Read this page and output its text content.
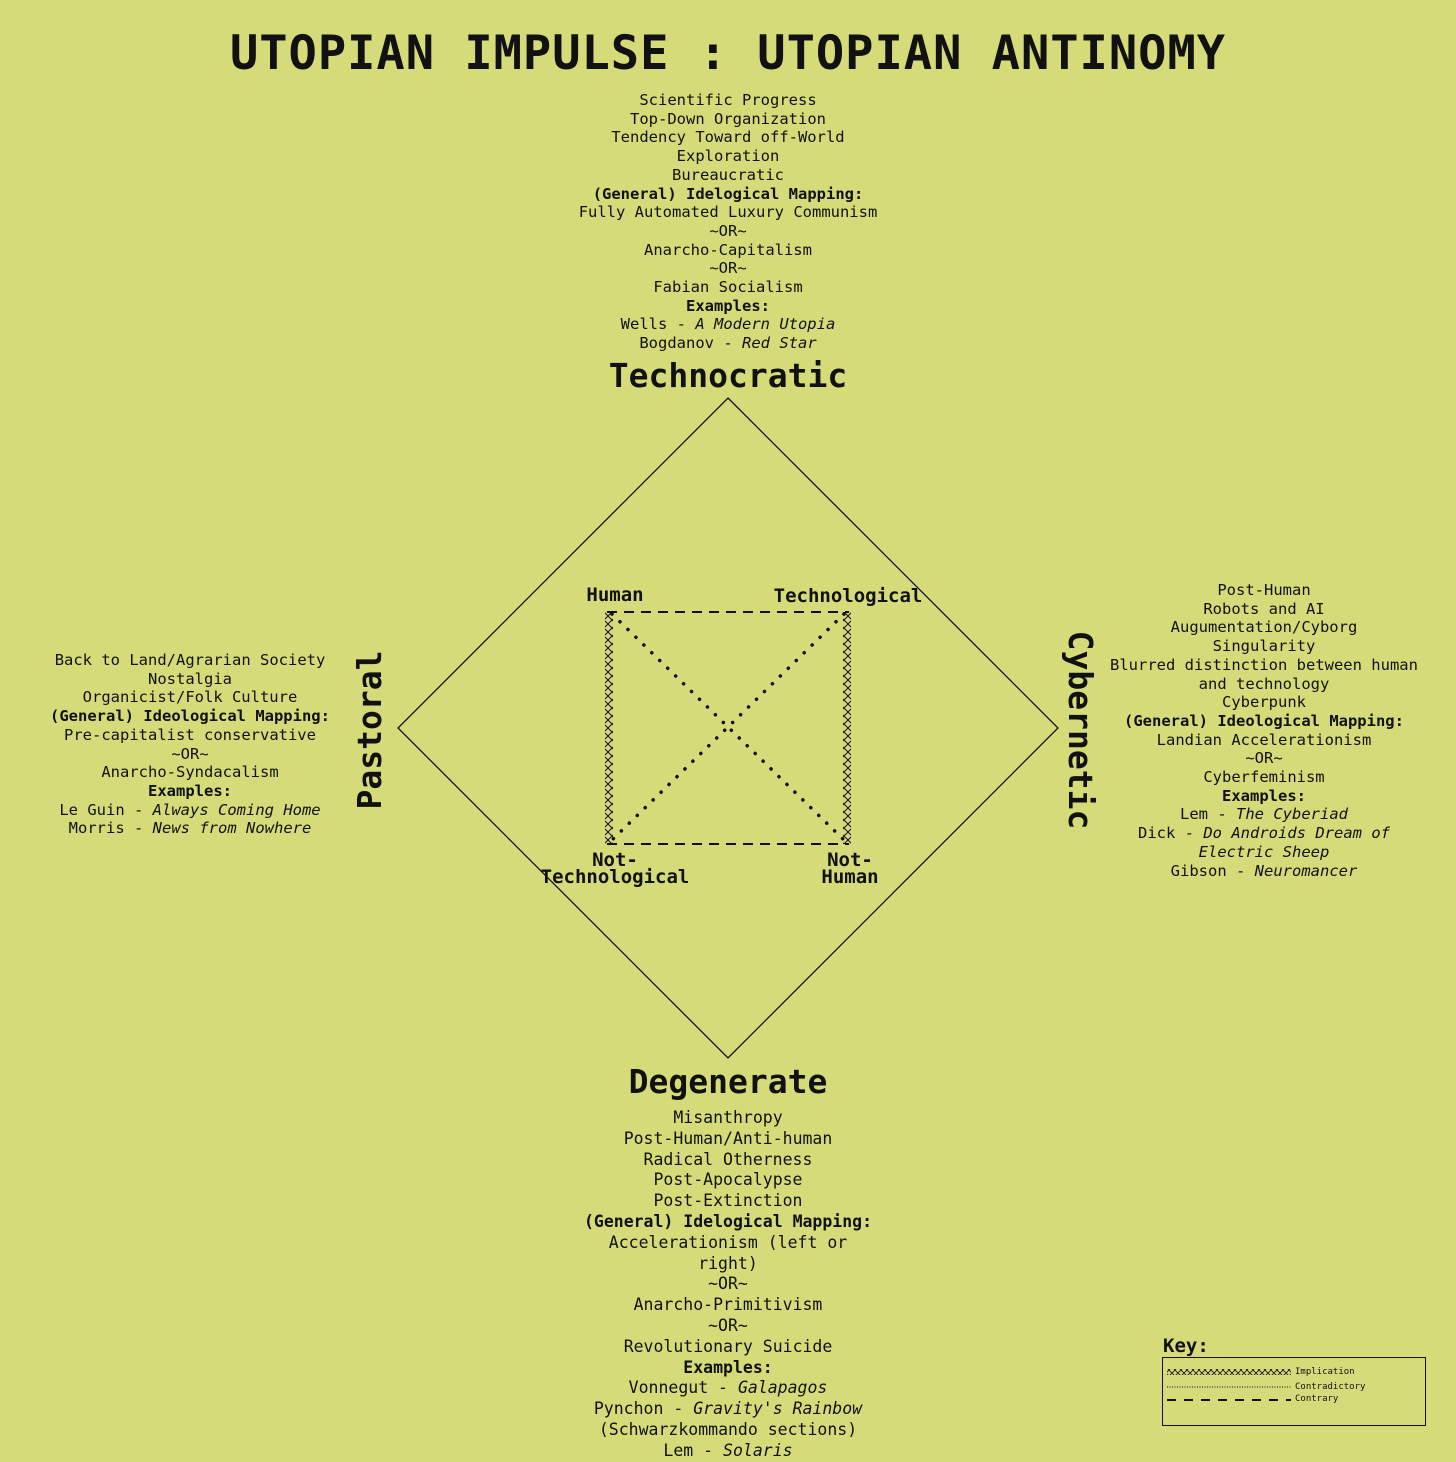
UTOPIAN IMPULSE : UTOPIAN ANTINOMY
Human	Technological
Not-
Technological
Not-
Human
Scientific Progress
Top-Down Organization
Tendency Toward off-World
Exploration
Bureaucratic
(General) Idelogical Mapping:
Fully Automated Luxury Communism
~OR~
Anarcho-Capitalism
~OR~
Fabian Socialism
Examples:
Wells - A Modern Utopia
Bogdanov - Red Star
Technocratic
Back to Land/Agrarian Society
Nostalgia
Organicist/Folk Culture
(General) Ideological Mapping:
Pre-capitalist conservative
~OR~
Anarcho-Syndacalism
Examples:
Le Guin - Always Coming Home
Morris - News from Nowhere
Pastoral
Post-Human
Robots and AI
Augumentation/Cyborg
Singularity
Blurred distinction between human
and technology
Cyberpunk
(General) Ideological Mapping:
Landian Accelerationism
~OR~
Cyberfeminism
Examples:
Lem - The Cyberiad
Dick - Do Androids Dream of
Electric Sheep
Gibson - Neuromancer
Cybernetic
Degenerate
Misanthropy
Post-Human/Anti-human
Radical Otherness
Post-Apocalypse
Post-Extinction
(General) Idelogical Mapping:
Accelerationism (left or
right)
~OR~
Anarcho-Primitivism
~OR~
Revolutionary Suicide
Examples:
Vonnegut - Galapagos
Pynchon - Gravity's Rainbow
(Schwarzkommando sections)
Lem - Solaris
Key:
Implication
Contradictory
Contrary
